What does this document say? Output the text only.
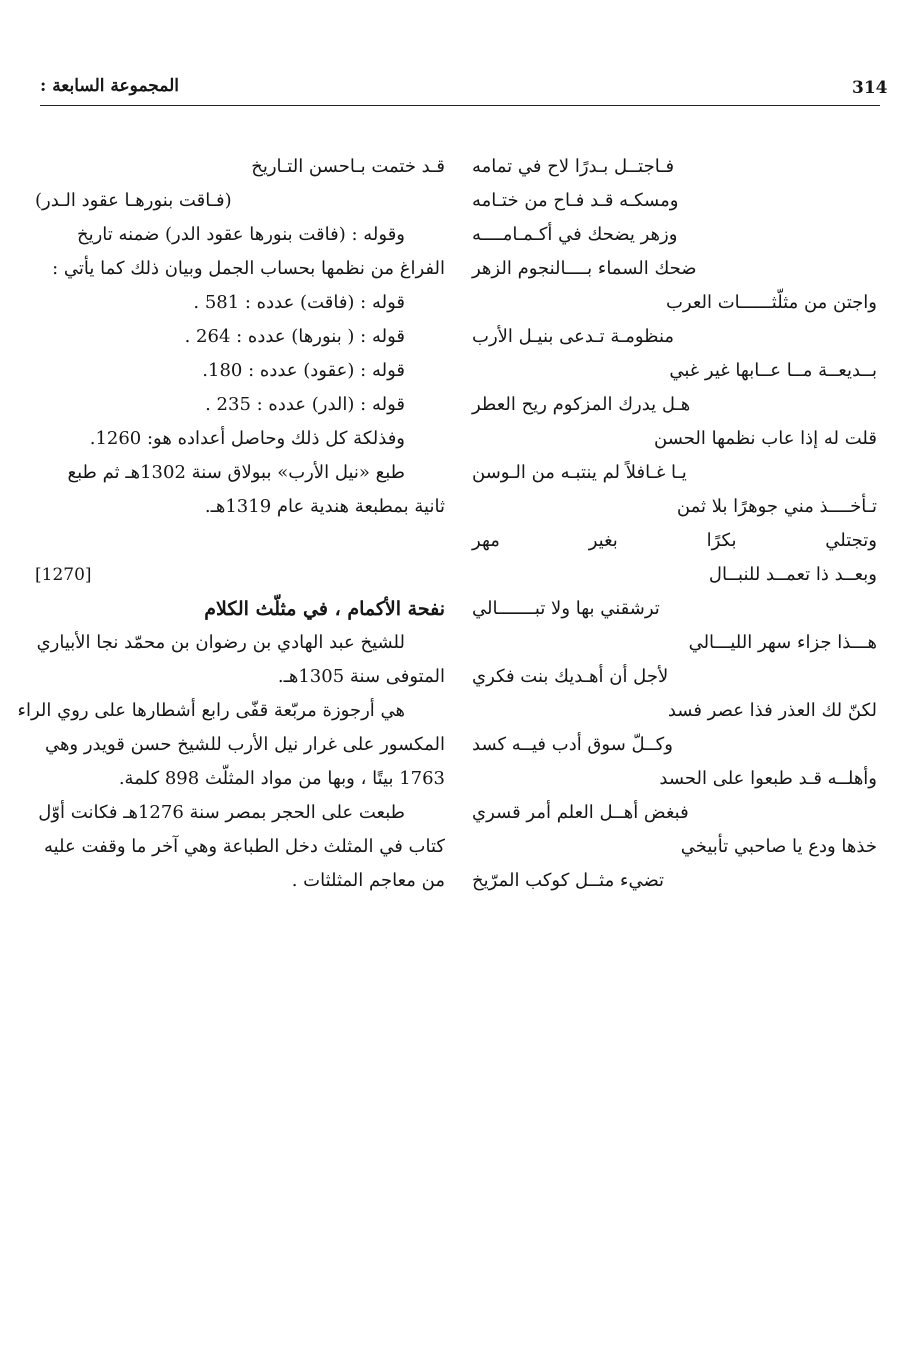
314
المجموعة السابعة :
فـاجتــل بـدرًا لاح في تمامه
ومسكـه قـد فـاح من ختـامه
وزهر يضحك في أكـمـامــــه
ضحك السماء بــــالنجوم الزهر
واجتن من مثلّثــــــات العرب
منظومـة تـدعى بنيـل الأرب
بــديعــة مــا عــابها غير غبي
هـل يدرك المزكوم ريح العطر
قلت له إذا عاب نظمها الحسن
يـا غـافلاً لم ينتبـه من الـوسن
تـأخــــذ مني جوهرًا بلا ثمن
وتجتلي
بكرًا
بغير
مهر
وبعــد ذا تعمــد للنبــال
ترشقني بها ولا تبـــــــالي
هـــذا جزاء سهر الليـــالي
لأجل أن أهـديك بنت فكري
لكنّ لك العذر فذا عصر فسد
وكــلّ سوق أدب فيــه كسد
وأهلــه قـد طبعوا على الحسد
فبغض أهــل العلم أمر قسري
خذها ودع يا صاحبي تأبيخي
تضيء مثــل كوكب المرّيخ
قـد ختمت بـاحسن التـاريخ
(فـاقت بنورهـا عقود الـدر)
وقوله : (فاقت بنورها عقود الدر) ضمنه تاريخ
الفراغ من نظمها بحساب الجمل وبيان ذلك كما يأتي :
قوله : (فاقت) عدده : 581 .
قوله : ( بنورها) عدده : 264 .
قوله : (عقود) عدده : 180.
قوله : (الدر) عدده : 235 .
وفذلكة كل ذلك وحاصل أعداده هو: 1260.
طبع «نيل الأرب» ببولاق سنة 1302هـ ثم طبع
ثانية بمطبعة هندية عام 1319هـ.
[1270]
نفحة الأكمام ، في مثلّث الكلام
للشيخ عبد الهادي بن رضوان بن محمّد نجا الأبياري
المتوفى سنة 1305هـ.
هي أرجوزة مربّعة قفّى رابع أشطارها على روي الراء
المكسور على غرار نيل الأرب للشيخ حسن قويدر وهي
1763 بيتًا ، وبها من مواد المثلّث 898 كلمة.
طبعت على الحجر بمصر سنة 1276هـ فكانت أوّل
كتاب في المثلث دخل الطباعة وهي آخر ما وقفت عليه
من معاجم المثلثات .
